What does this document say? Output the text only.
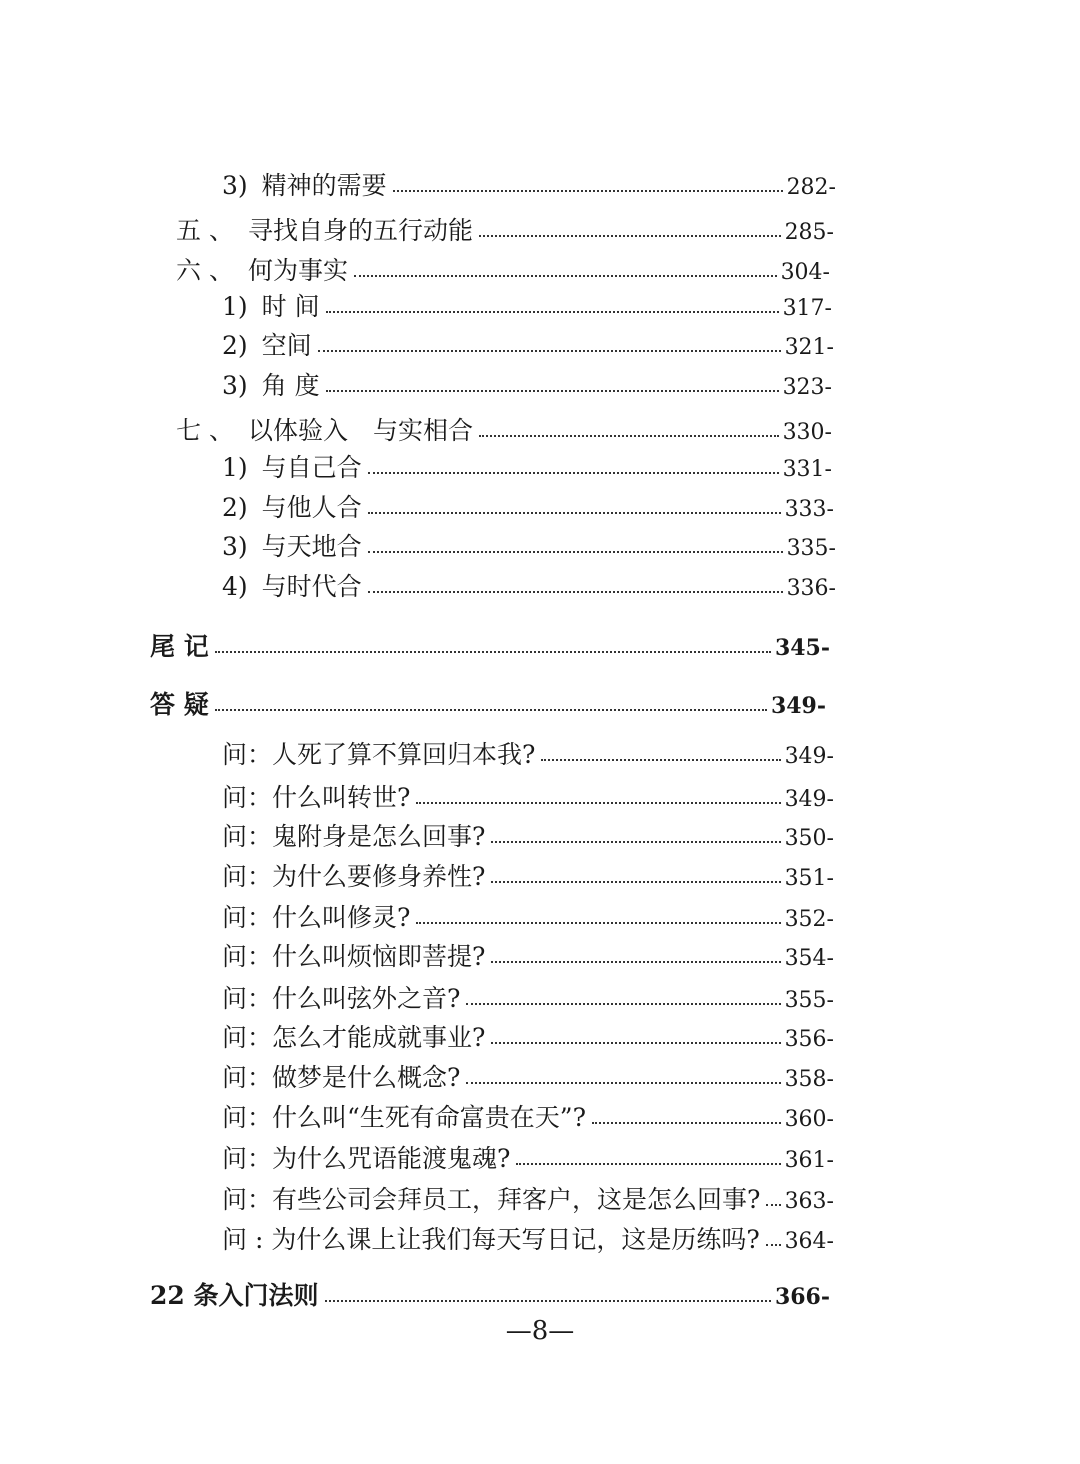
3) 精神的需要	282-
五 、 寻找自身的五行动能	285-
六 、 何为事实	304-
1) 时 间	317-
2) 空间	321-
3) 角 度	323-
七 、 以体验入　与实相合	330-
1) 与自己合	331-
2) 与他人合	333-
3) 与天地合	335-
4) 与时代合	336-
尾 记	345-
答 疑	349-
问：人死了算不算回归本我?	349-
问：什么叫转世?	349-
问：鬼附身是怎么回事?	350-
问：为什么要修身养性?	351-
问：什么叫修灵?	352-
问：什么叫烦恼即菩提?	354-
问：什么叫弦外之音?	355-
问：怎么才能成就事业?	356-
问：做梦是什么概念?	358-
问：什么叫“生死有命富贵在天”?	360-
问：为什么咒语能渡鬼魂?	361-
问：有些公司会拜员工，拜客户，这是怎么回事? 363-
问 : 为什么课上让我们每天写日记，这是历练吗? 364-
22 条入门法则	366-
—8—
